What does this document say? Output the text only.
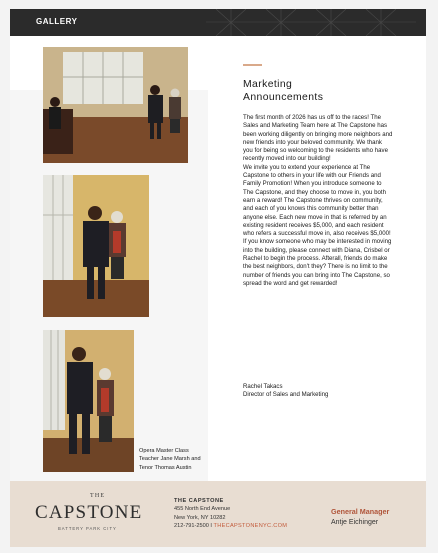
GALLERY
Opera Master Class
Teacher Jane Marsh and
Tenor Thomas Austin
Marketing
Announcements

The first month of 2026 has us off to the races! The Sales and Marketing Team here at The Capstone has been working diligently on bringing more neighbors and new friends into your beloved community. We thank you for being so welcoming to the residents who have recently moved into our building!

We invite you to extend your experience at The Capstone to others in your life with our Friends and Family Promotion! When you introduce someone to The Capstone, and they choose to move in, you both earn a reward! The Capstone thrives on community, and each of you knows this community better than anyone else. Each new move in that is referred by an existing resident receives $5,000, and each resident who refers a successful move in, also receives $5,000! If you know someone who may be interested in moving into the building, please connect with Diana, Crisbel or Rachel to begin the process. Afterall, friends do make the best neighbors, don't they? There is no limit to the number of friends you can bring into The Capstone, so spread the word and get rewarded!

Rachel Takacs
Director of Sales and Marketing
THE
CAPSTONE
BATTERY PARK CITY
THE CAPSTONE
455 North End Avenue
New York, NY 10282
212-791-2500 I THECAPSTONENYC.COM
General Manager
Antje Eichinger
